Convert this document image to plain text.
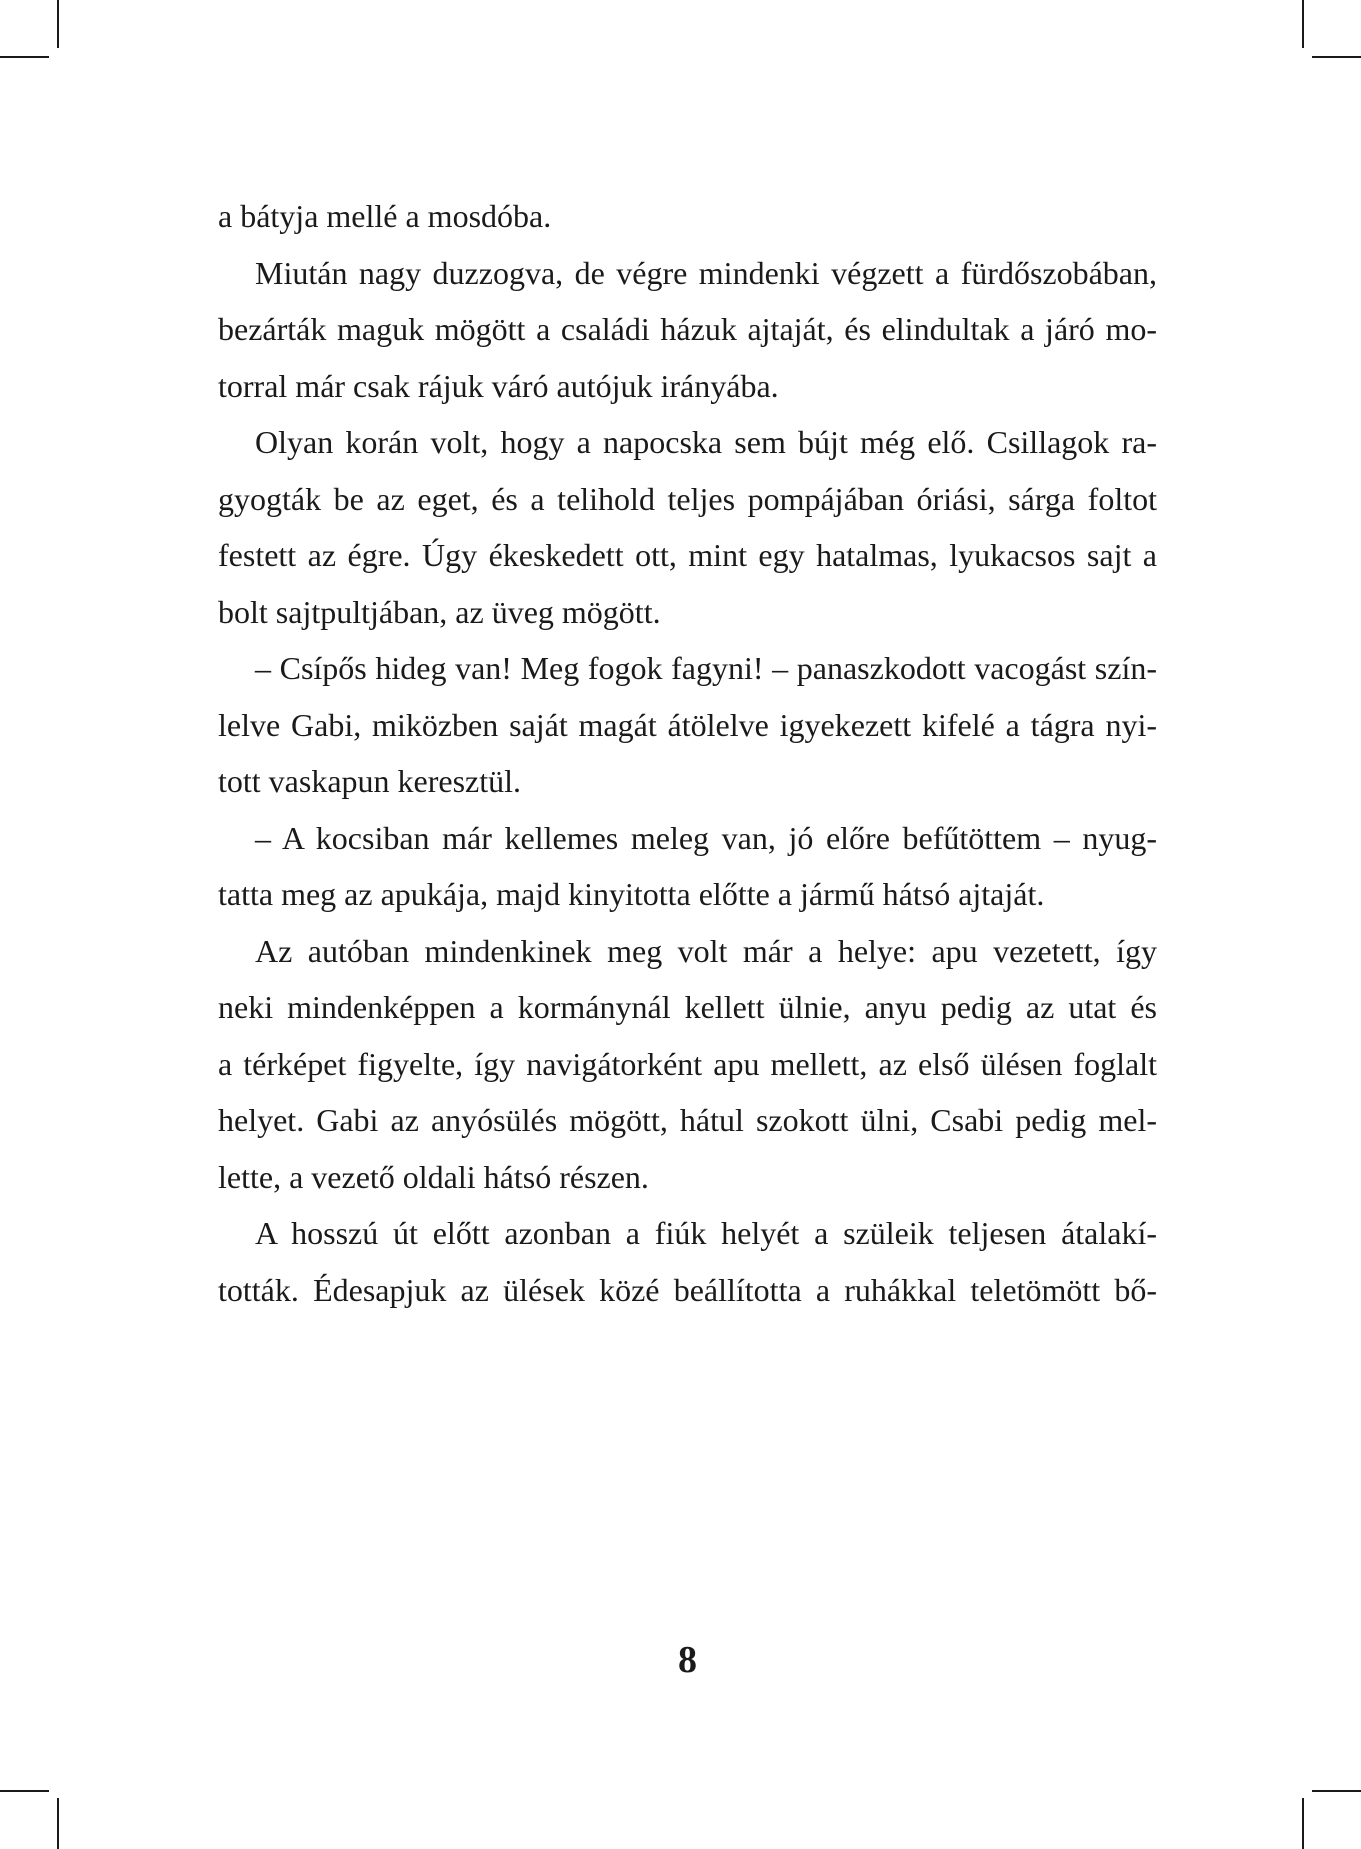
a bátyja mellé a mosdóba.
Miután nagy duzzogva, de végre mindenki végzett a fürdőszobában,
bezárták maguk mögött a családi házuk ajtaját, és elindultak a járó mo-
torral már csak rájuk váró autójuk irányába.
Olyan korán volt, hogy a napocska sem bújt még elő. Csillagok ra-
gyogták be az eget, és a telihold teljes pompájában óriási, sárga foltot
festett az égre. Úgy ékeskedett ott, mint egy hatalmas, lyukacsos sajt a
bolt sajtpultjában, az üveg mögött.
– Csípős hideg van! Meg fogok fagyni! – panaszkodott vacogást szín-
lelve Gabi, miközben saját magát átölelve igyekezett kifelé a tágra nyi-
tott vaskapun keresztül.
– A kocsiban már kellemes meleg van, jó előre befűtöttem – nyug-
tatta meg az apukája, majd kinyitotta előtte a jármű hátsó ajtaját.
Az autóban mindenkinek meg volt már a helye: apu vezetett, így
neki mindenképpen a kormánynál kellett ülnie, anyu pedig az utat és
a térképet figyelte, így navigátorként apu mellett, az első ülésen foglalt
helyet. Gabi az anyósülés mögött, hátul szokott ülni, Csabi pedig mel-
lette, a vezető oldali hátsó részen.
A hosszú út előtt azonban a fiúk helyét a szüleik teljesen átalakí-
tották. Édesapjuk az ülések közé beállította a ruhákkal teletömött bő-
8
